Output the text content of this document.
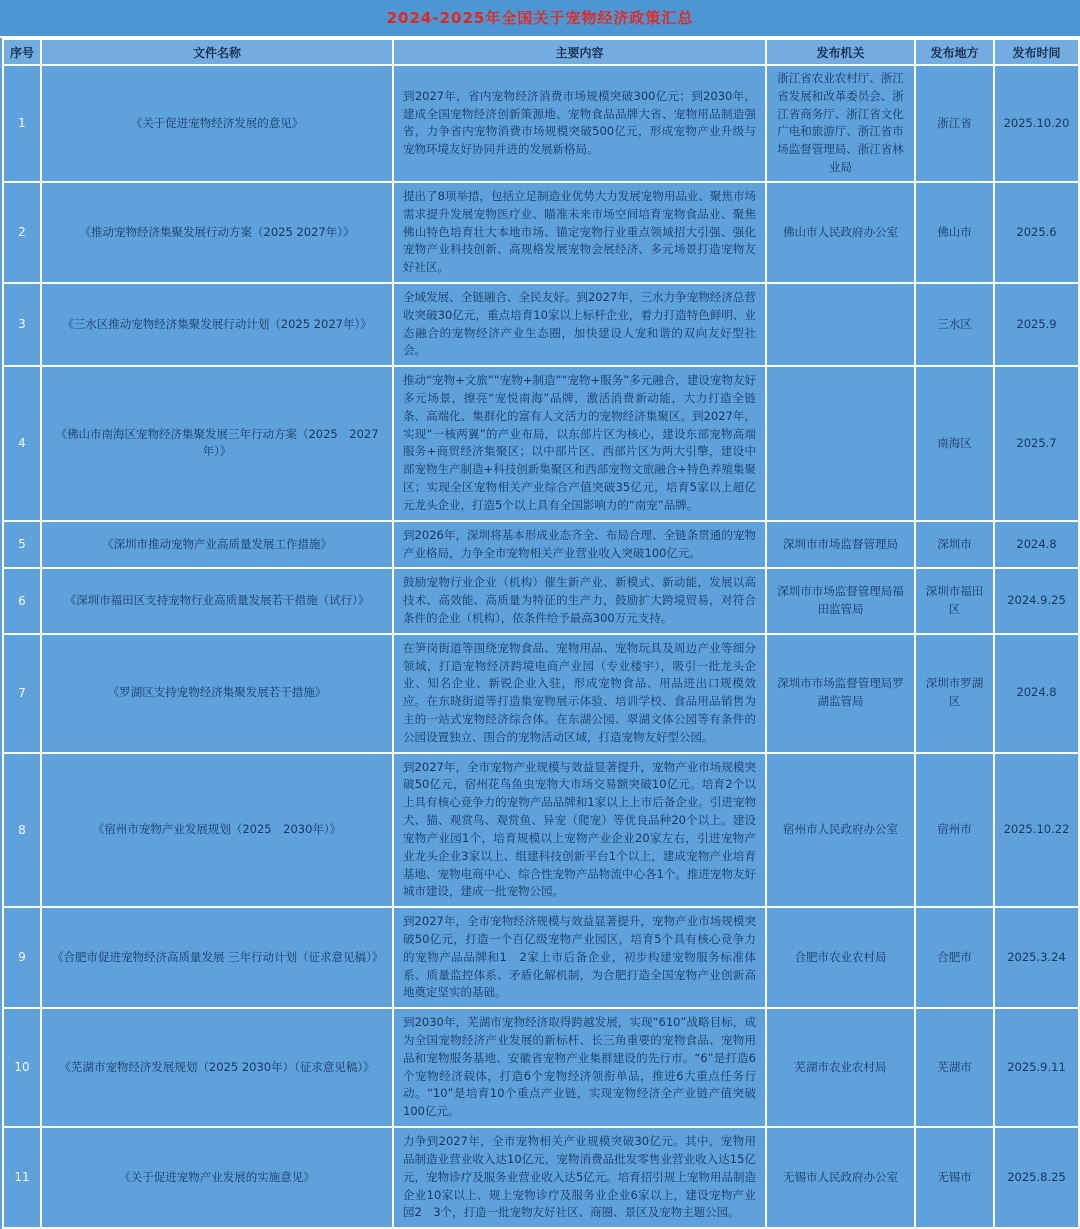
2024-2025年全国关于宠物经济政策汇总
序号	文件名称	主要内容	发布机关	发布地方	发布时间
1	《关于促进宠物经济发展的意见》	到2027年，省内宠物经济消费市场规模突破300亿元；到2030年，建成全国宠物经济创新策源地、宠物食品品牌大省、宠物用品制造强省，力争省内宠物消费市场规模突破500亿元，形成宠物产业升级与宠物环境友好协同并进的发展新格局。	浙江省农业农村厅、浙江省发展和改革委员会、浙江省商务厅、浙江省文化广电和旅游厅、浙江省市场监督管理局、浙江省林业局	浙江省	2025.10.20
2	《推动宠物经济集聚发展行动方案（2025 2027年）》	提出了8项举措，包括立足制造业优势大力发展宠物用品业、聚焦市场需求提升发展宠物医疗业、瞄准未来市场空间培育宠物食品业、聚焦佛山特色培育壮大本地市场、锚定宠物行业重点领域招大引强、强化宠物产业科技创新、高规格发展宠物会展经济、多元场景打造宠物友好社区。	佛山市人民政府办公室	佛山市	2025.6
3	《三水区推动宠物经济集聚发展行动计划（2025 2027年）》	全域发展、全链融合、全民友好。到2027年，三水力争宠物经济总营收突破30亿元，重点培育10家以上标杆企业，着力打造特色鲜明、业态融合的宠物经济产业生态圈，加快建设人宠和谐的双向友好型社会。		三水区	2025.9
4	《佛山市南海区宠物经济集聚发展三年行动方案（2025　2027年）》	推动“宠物+文旅”“宠物+制造”“宠物+服务”多元融合，建设宠物友好多元场景，擦亮“宠悦南海”品牌，激活消费新动能，大力打造全链条、高端化、集群化的富有人文活力的宠物经济集聚区。到2027年，实现“一核两翼”的产业布局，以东部片区为核心，建设东部宠物高端服务+商贸经济集聚区；以中部片区、西部片区为两大引擎，建设中部宠物生产制造+科技创新集聚区和西部宠物文旅融合+特色养殖集聚区；实现全区宠物相关产业综合产值突破35亿元，培育5家以上超亿元龙头企业，打造5个以上具有全国影响力的“南宠”品牌。		南海区	2025.7
5	《深圳市推动宠物产业高质量发展工作措施》	到2026年，深圳将基本形成业态齐全、布局合理、全链条贯通的宠物产业格局，力争全市宠物相关产业营业收入突破100亿元。	深圳市市场监督管理局	深圳市	2024.8
6	《深圳市福田区支持宠物行业高质量发展若干措施（试行）》	鼓励宠物行业企业（机构）催生新产业、新模式、新动能，发展以高技术、高效能、高质量为特征的生产力，鼓励扩大跨境贸易，对符合条件的企业（机构），依条件给予最高300万元支持。	深圳市市场监督管理局福田监管局	深圳市福田区	2024.9.25
7	《罗湖区支持宠物经济集聚发展若干措施》	在笋岗街道等围绕宠物食品、宠物用品、宠物玩具及周边产业等细分领域，打造宠物经济跨境电商产业园（专业楼宇），吸引一批龙头企业、知名企业、新锐企业入驻，形成宠物食品、用品进出口规模效应。在东晓街道等打造集宠物展示体验、培训学校、食品用品销售为主的一站式宠物经济综合体。在东湖公园、翠湖文体公园等有条件的公园设置独立、围合的宠物活动区域，打造宠物友好型公园。	深圳市市场监督管理局罗湖监管局	深圳市罗湖区	2024.8
8	《宿州市宠物产业发展规划（2025　2030年）》	到2027年，全市宠物产业规模与效益显著提升，宠物产业市场规模突破50亿元，宿州花鸟鱼虫宠物大市场交易额突破10亿元。培育2个以上具有核心竞争力的宠物产品品牌和1家以上上市后备企业。引进宠物犬、猫、观赏鸟、观赏鱼、异宠（爬宠）等优良品种20个以上。建设宠物产业园1个，培育规模以上宠物产业企业20家左右，引进宠物产业龙头企业3家以上、组建科技创新平台1个以上，建成宠物产业培育基地、宠物电商中心、综合性宠物产品物流中心各1个。推进宠物友好城市建设，建成一批宠物公园。	宿州市人民政府办公室	宿州市	2025.10.22
9	《合肥市促进宠物经济高质量发展 三年行动计划（征求意见稿）》	到2027年，全市宠物经济规模与效益显著提升，宠物产业市场规模突破50亿元，打造一个百亿级宠物产业园区，培育5个具有核心竞争力的宠物产品品牌和1　2家上市后备企业，初步构建宠物服务标准体系、质量监控体系、矛盾化解机制，为合肥打造全国宠物产业创新高地奠定坚实的基础。	合肥市农业农村局	合肥市	2025.3.24
10	《芜湖市宠物经济发展规划（2025 2030年）（征求意见稿）》	到2030年，芜湖市宠物经济取得跨越发展，实现“610”战略目标，成为全国宠物经济产业发展的新标杆、长三角重要的宠物食品、宠物用品和宠物服务基地、安徽省宠物产业集群建设的先行市。“6”是打造6个宠物经济载体，打造6个宠物经济领衔单品，推进6大重点任务行动。“10”是培育10个重点产业链，实现宠物经济全产业链产值突破100亿元。	芜湖市农业农村局	芜湖市	2025.9.11
11	《关于促进宠物产业发展的实施意见》	力争到2027年，全市宠物相关产业规模突破30亿元。其中，宠物用品制造业营业收入达10亿元，宠物消费品批发零售业营业收入达15亿元，宠物诊疗及服务业营业收入达5亿元。培育招引规上宠物用品制造企业10家以上、规上宠物诊疗及服务业企业6家以上，建设宠物产业园2　3个，打造一批宠物友好社区、商圈、景区及宠物主题公园。	无锡市人民政府办公室	无锡市	2025.8.25
